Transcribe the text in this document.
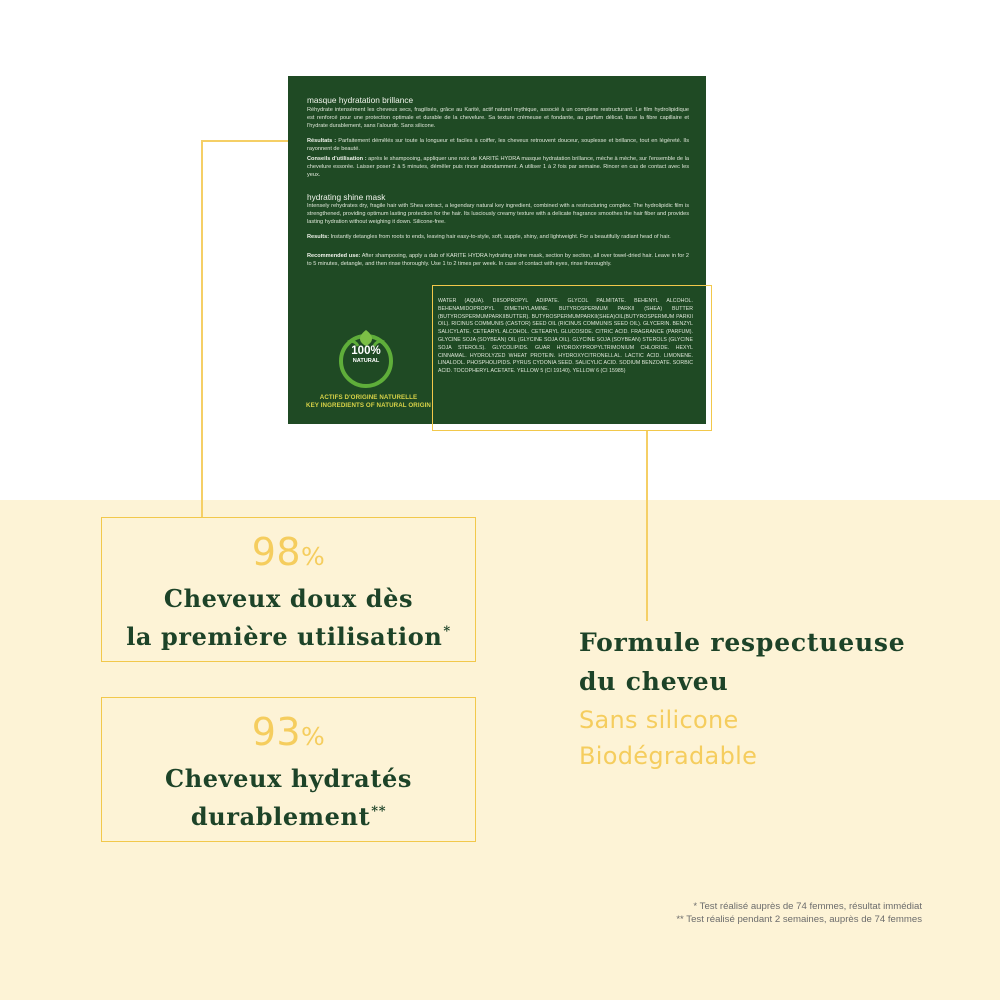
masque hydratation brillance
Réhydrate intensément les cheveux secs, fragilisés, grâce au Karité, actif naturel mythique, associé à un complexe restructurant. Le film hydrolipidique est renforcé pour une protection optimale et durable de la chevelure. Sa texture crémeuse et fondante, au parfum délicat, lisse la fibre capillaire et l'hydrate durablement, sans l'alourdir. Sans silicone.
Résultats : Parfaitement démêlés sur toute la longueur et faciles à coiffer, les cheveux retrouvent douceur, souplesse et brillance, tout en légèreté. Ils rayonnent de beauté.
Conseils d'utilisation : après le shampooing, appliquer une noix de KARITÉ HYDRA masque hydratation brillance, mèche à mèche, sur l'ensemble de la chevelure essorée. Laisser poser 2 à 5 minutes, démêler puis rincer abondamment. A utiliser 1 à 2 fois par semaine. Rincer en cas de contact avec les yeux.
hydrating shine mask
Intensely rehydrates dry, fragile hair with Shea extract, a legendary natural key ingredient, combined with a restructuring complex. The hydrolipidic film is strengthened, providing optimum lasting protection for the hair. Its lusciously creamy texture with a delicate fragrance smoothes the hair fiber and provides lasting hydration without weighing it down. Silicone-free.
Results: Instantly detangles from roots to ends, leaving hair easy-to-style, soft, supple, shiny, and lightweight. For a beautifully radiant head of hair.
Recommended use: After shampooing, apply a dab of KARITE HYDRA hydrating shine mask, section by section, all over towel-dried hair. Leave in for 2 to 5 minutes, detangle, and then rinse thoroughly. Use 1 to 2 times per week. In case of contact with eyes, rinse thoroughly.
WATER (AQUA). DIISOPROPYL ADIPATE. GLYCOL PALMITATE. BEHENYL ALCOHOL. BEHENAMIDOPROPYL DIMETHYLAMINE. BUTYROSPERMUM PARKII (SHEA) BUTTER (BUTYROSPERMUMPARKIIBUTTER). BUTYROSPERMUMPARKII(SHEA)OIL(BUTYROSPERMUM PARKII OIL). RICINUS COMMUNIS (CASTOR) SEED OIL (RICINUS COMMUNIS SEED OIL). GLYCERIN. BENZYL SALICYLATE. CETEARYL ALCOHOL. CETEARYL GLUCOSIDE. CITRIC ACID. FRAGRANCE (PARFUM). GLYCINE SOJA (SOYBEAN) OIL (GLYCINE SOJA OIL). GLYCINE SOJA (SOYBEAN) STEROLS (GLYCINE SOJA STEROLS). GLYCOLIPIDS. GUAR HYDROXYPROPYLTRIMONIUM CHLORIDE. HEXYL CINNAMAL. HYDROLYZED WHEAT PROTEIN. HYDROXYCITRONELLAL. LACTIC ACID. LIMONENE. LINALOOL. PHOSPHOLIPIDS. PYRUS CYDONIA SEED. SALICYLIC ACID. SODIUM BENZOATE. SORBIC ACID. TOCOPHERYL ACETATE. YELLOW 5 (CI 19140). YELLOW 6 (CI 15985)
100%
NATURAL
ACTIFS D'ORIGINE NATURELLE
KEY INGREDIENTS OF NATURAL ORIGIN
98%
Cheveux doux dès
la première utilisation*
93%
Cheveux hydratés
durablement**
Formule respectueuse
du cheveu
Sans silicone
Biodégradable
* Test réalisé auprès de 74 femmes, résultat immédiat
** Test réalisé pendant 2 semaines, auprès de 74 femmes
